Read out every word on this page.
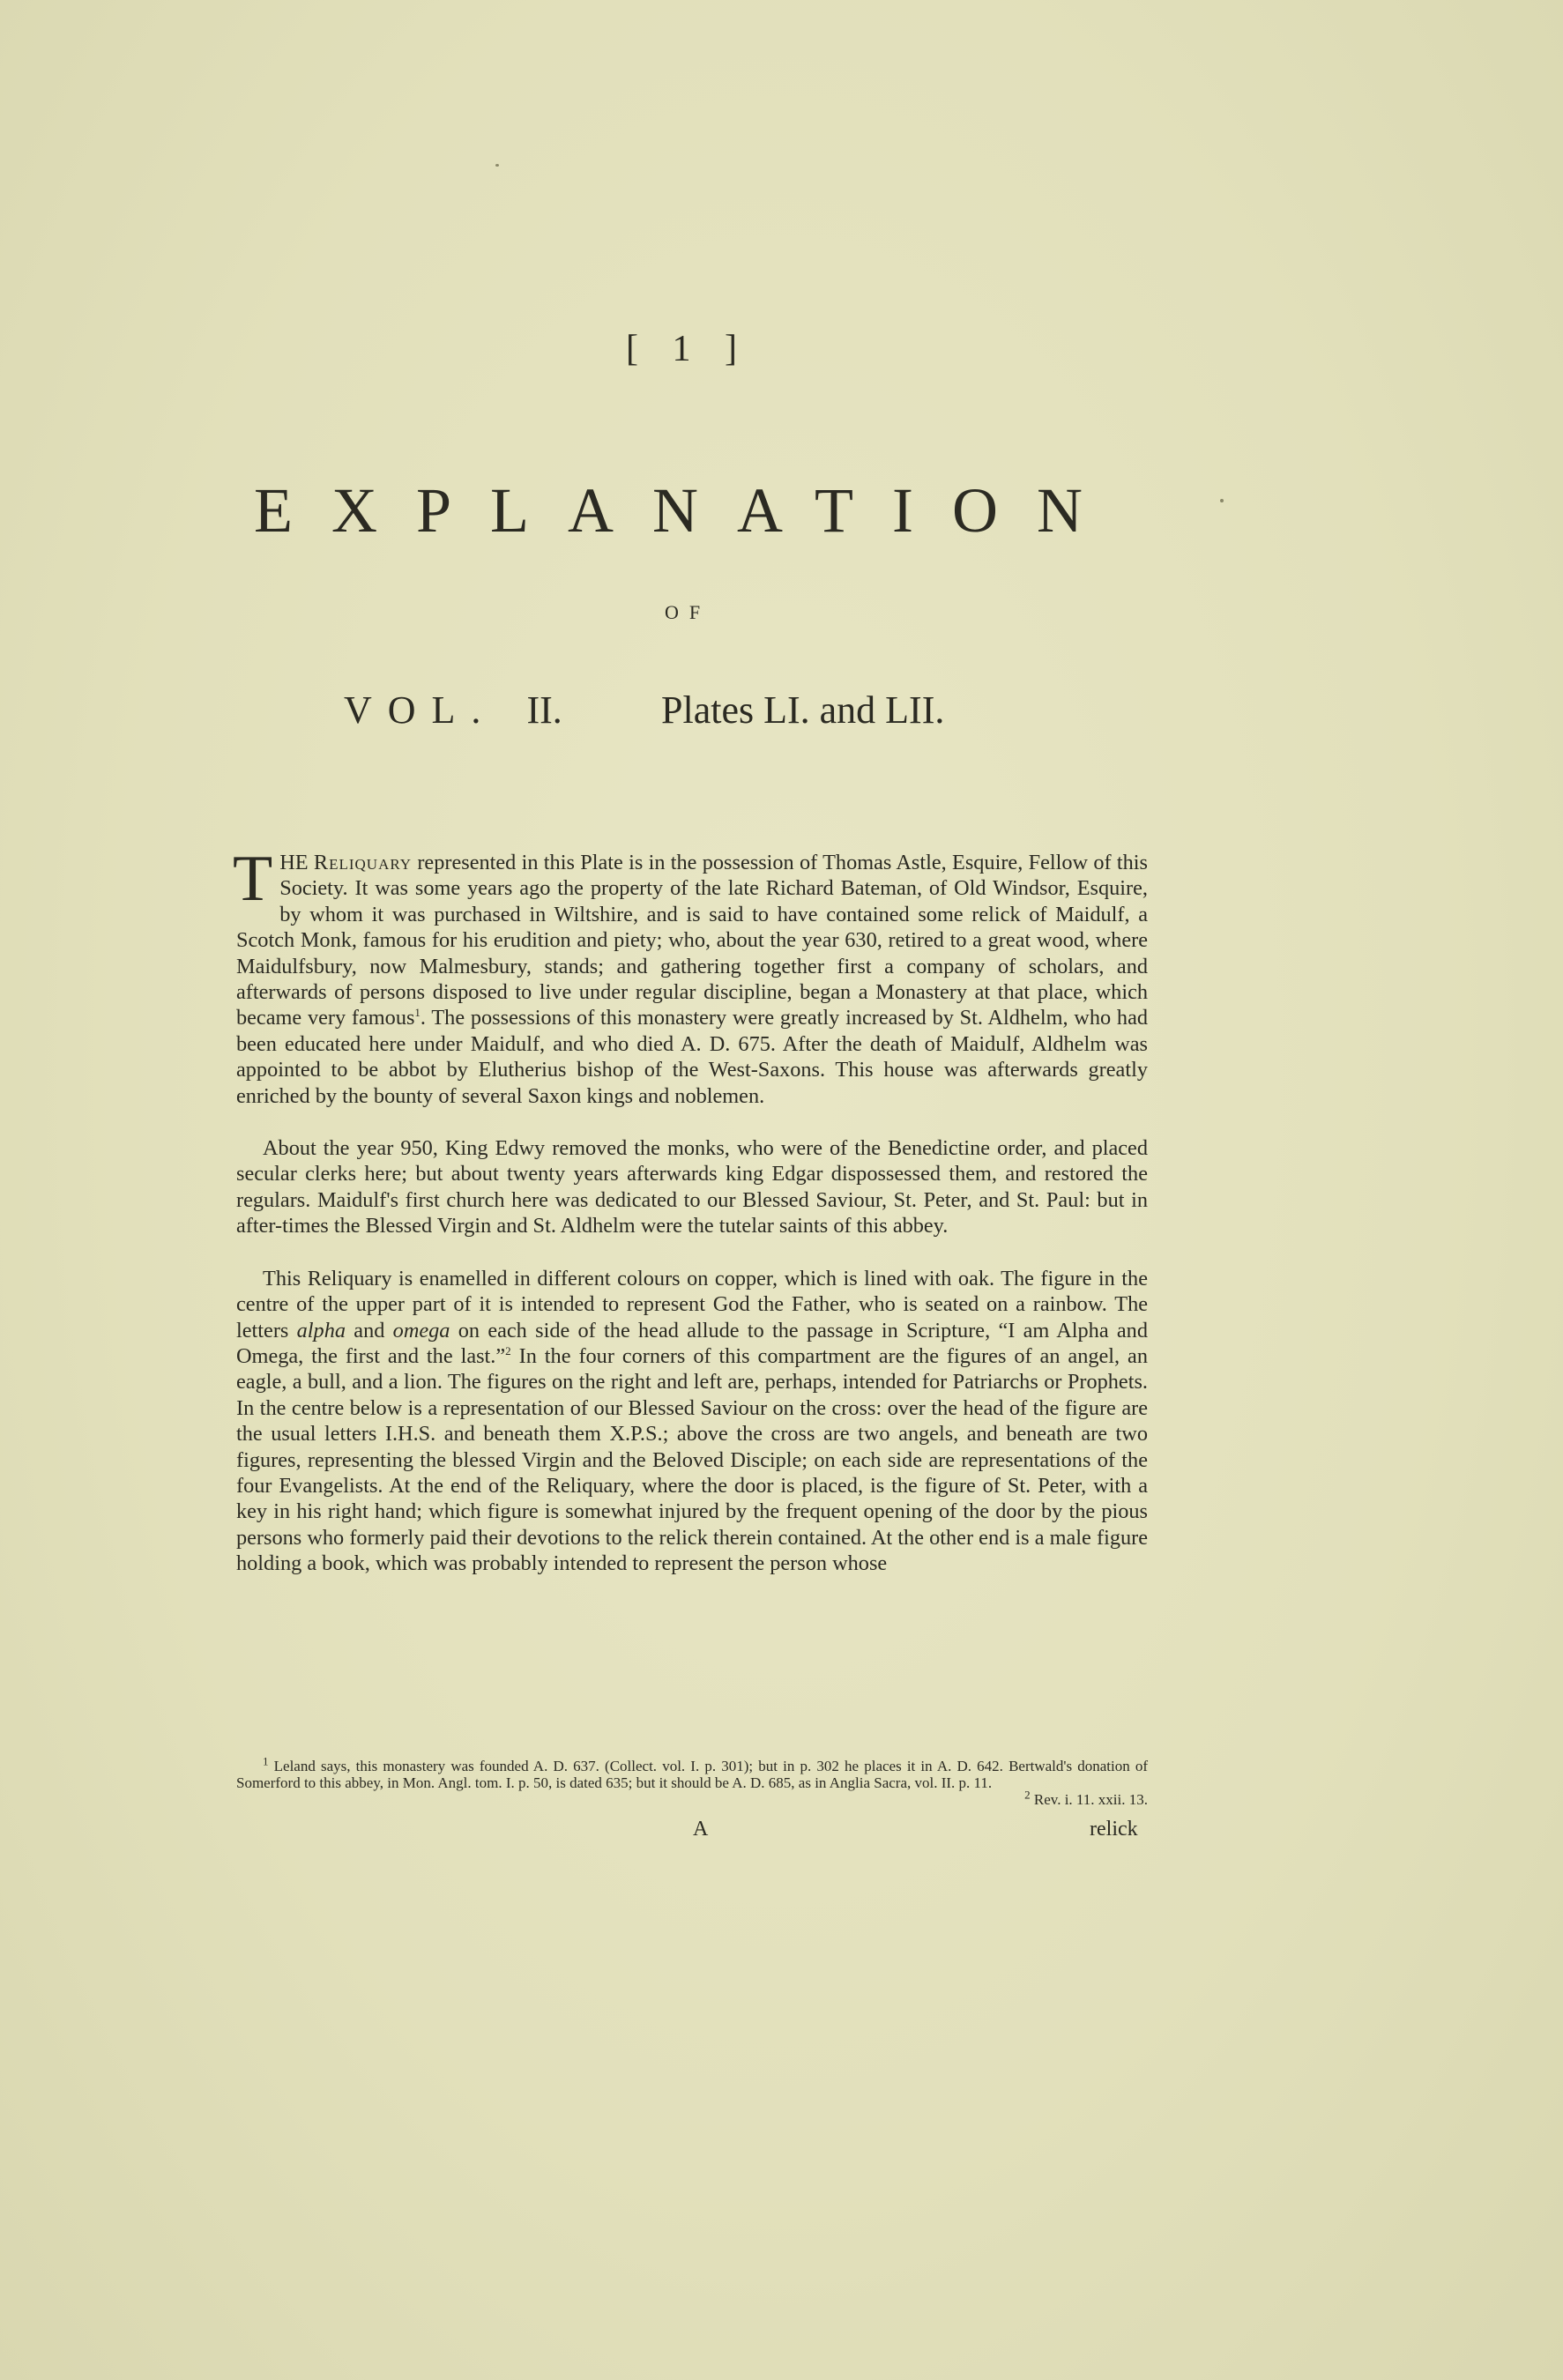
[ 1 ]
EXPLANATION
OF
VOL. II.	Plates LI. and LII.

THE Reliquary represented in this Plate is in the possession of Thomas Astle, Esquire, Fellow of this Society. It was some years ago the property of the late Richard Bateman, of Old Windsor, Esquire, by whom it was purchased in Wiltshire, and is said to have contained some relick of Maidulf, a Scotch Monk, famous for his erudition and piety; who, about the year 630, retired to a great wood, where Maidulfsbury, now Malmesbury, stands; and gathering together first a company of scholars, and afterwards of persons disposed to live under regular discipline, began a Monastery at that place, which became very famous$^1$. The possessions of this monastery were greatly increased by St. Aldhelm, who had been educated here under Maidulf, and who died A. D. 675. After the death of Maidulf, Aldhelm was appointed to be abbot by Elutherius bishop of the West-Saxons. This house was afterwards greatly enriched by the bounty of several Saxon kings and noblemen.

About the year 950, King Edwy removed the monks, who were of the Benedictine order, and placed secular clerks here; but about twenty years afterwards king Edgar dispossessed them, and restored the regulars. Maidulf's first church here was dedicated to our Blessed Saviour, St. Peter, and St. Paul: but in after-times the Blessed Virgin and St. Aldhelm were the tutelar saints of this abbey.

This Reliquary is enamelled in different colours on copper, which is lined with oak. The figure in the centre of the upper part of it is intended to represent God the Father, who is seated on a rainbow. The letters alpha and omega on each side of the head allude to the passage in Scripture, “I am Alpha and Omega, the first and the last.”$^2$ In the four corners of this compartment are the figures of an angel, an eagle, a bull, and a lion. The figures on the right and left are, perhaps, intended for Patriarchs or Prophets. In the centre below is a representation of our Blessed Saviour on the cross: over the head of the figure are the usual letters I.H.S. and beneath them X.P.S.; above the cross are two angels, and beneath are two figures, representing the blessed Virgin and the Beloved Disciple; on each side are representations of the four Evangelists. At the end of the Reliquary, where the door is placed, is the figure of St. Peter, with a key in his right hand; which figure is somewhat injured by the frequent opening of the door by the pious persons who formerly paid their devotions to the relick therein contained. At the other end is a male figure holding a book, which was probably intended to represent the person whose

$^1$ Leland says, this monastery was founded A. D. 637. (Collect. vol. I. p. 301); but in p. 302 he places it in A. D. 642. Bertwald's donation of Somerford to this abbey, in Mon. Angl. tom. I. p. 50, is dated 635; but it should be A. D. 685, as in Anglia Sacra, vol. II. p. 11.

$^2$ Rev. i. 11. xxii. 13.

A	relick
